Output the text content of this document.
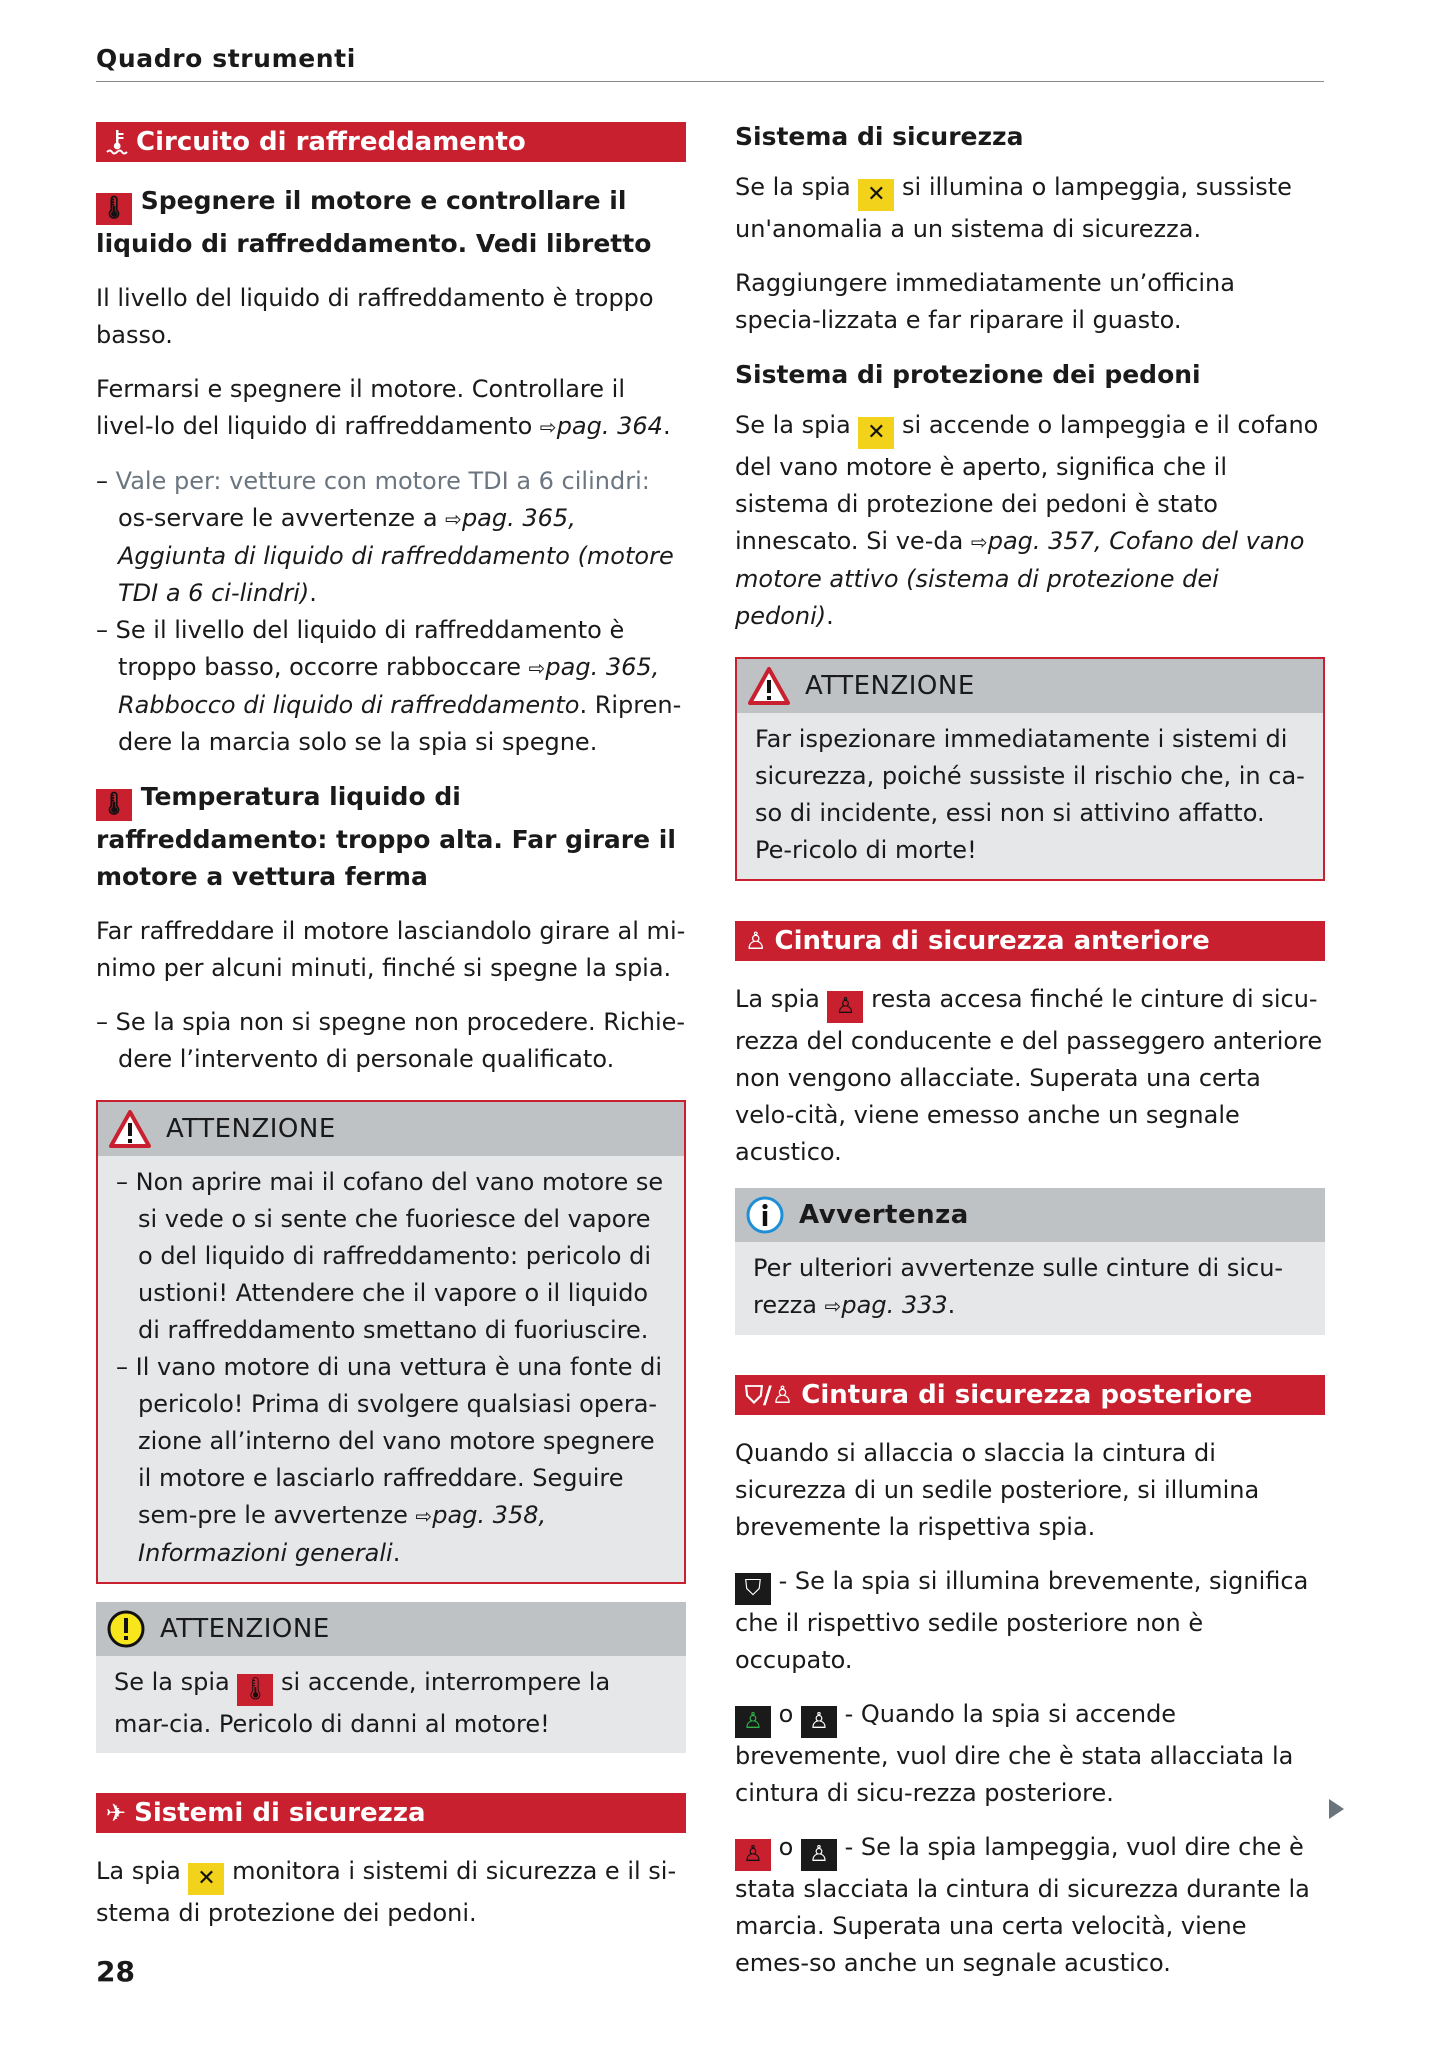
Quadro strumenti
Circuito di raffreddamento

🌡 Spegnere il motore e controllare il liquido di raffreddamento. Vedi libretto

Il livello del liquido di raffreddamento è troppo basso.

Fermarsi e spegnere il motore. Controllare il livel-lo del liquido di raffreddamento ⇨pag. 364.

– Vale per: vetture con motore TDI a 6 cilindri: os-servare le avvertenze a ⇨pag. 365, Aggiunta di liquido di raffreddamento (motore TDI a 6 ci-lindri).
– Se il livello del liquido di raffreddamento è troppo basso, occorre rabboccare ⇨pag. 365, Rabbocco di liquido di raffreddamento. Ripren-dere la marcia solo se la spia si spegne.

🌡 Temperatura liquido di raffreddamento: troppo alta. Far girare il motore a vettura ferma

Far raffreddare il motore lasciandolo girare al mi-nimo per alcuni minuti, finché si spegne la spia.

– Se la spia non si spegne non procedere. Richie-dere l’intervento di personale qualificato.
ATTENZIONE
– Non aprire mai il cofano del vano motore se si vede o si sente che fuoriesce del vapore o del liquido di raffreddamento: pericolo di ustioni! Attendere che il vapore o il liquido di raffreddamento smettano di fuoriuscire.
– Il vano motore di una vettura è una fonte di pericolo! Prima di svolgere qualsiasi opera-zione all’interno del vano motore spegnere il motore e lasciarlo raffreddare. Seguire sem-pre le avvertenze ⇨pag. 358, Informazioni generali.
ATTENZIONE

Se la spia 🌡 si accende, interrompere la mar-cia. Pericolo di danni al motore!

✈ Sistemi di sicurezza

La spia ✕ monitora i sistemi di sicurezza e il si-stema di protezione dei pedoni.

Sistema di sicurezza

Se la spia ✕ si illumina o lampeggia, sussiste un'anomalia a un sistema di sicurezza.

Raggiungere immediatamente un’officina specia-lizzata e far riparare il guasto.

Sistema di protezione dei pedoni

Se la spia ✕ si accende o lampeggia e il cofano del vano motore è aperto, significa che il sistema di protezione dei pedoni è stato innescato. Si ve-da ⇨pag. 357, Cofano del vano motore attivo (sistema di protezione dei pedoni).

ATTENZIONE

Far ispezionare immediatamente i sistemi di sicurezza, poiché sussiste il rischio che, in ca-so di incidente, essi non si attivino affatto. Pe-ricolo di morte!

♙ Cintura di sicurezza anteriore

La spia ♙ resta accesa finché le cinture di sicu-rezza del conducente e del passeggero anteriore non vengono allacciate. Superata una certa velo-cità, viene emesso anche un segnale acustico.

Avvertenza

Per ulteriori avvertenze sulle cinture di sicu-rezza ⇨pag. 333.

⛉/♙ Cintura di sicurezza posteriore

Quando si allaccia o slaccia la cintura di sicurezza di un sedile posteriore, si illumina brevemente la rispettiva spia.

⛉ - Se la spia si illumina brevemente, significa che il rispettivo sedile posteriore non è occupato.

♙ o ♙ - Quando la spia si accende brevemente, vuol dire che è stata allacciata la cintura di sicu-rezza posteriore.

♙ o ♙ - Se la spia lampeggia, vuol dire che è stata slacciata la cintura di sicurezza durante la marcia. Superata una certa velocità, viene emes-so anche un segnale acustico.

28
